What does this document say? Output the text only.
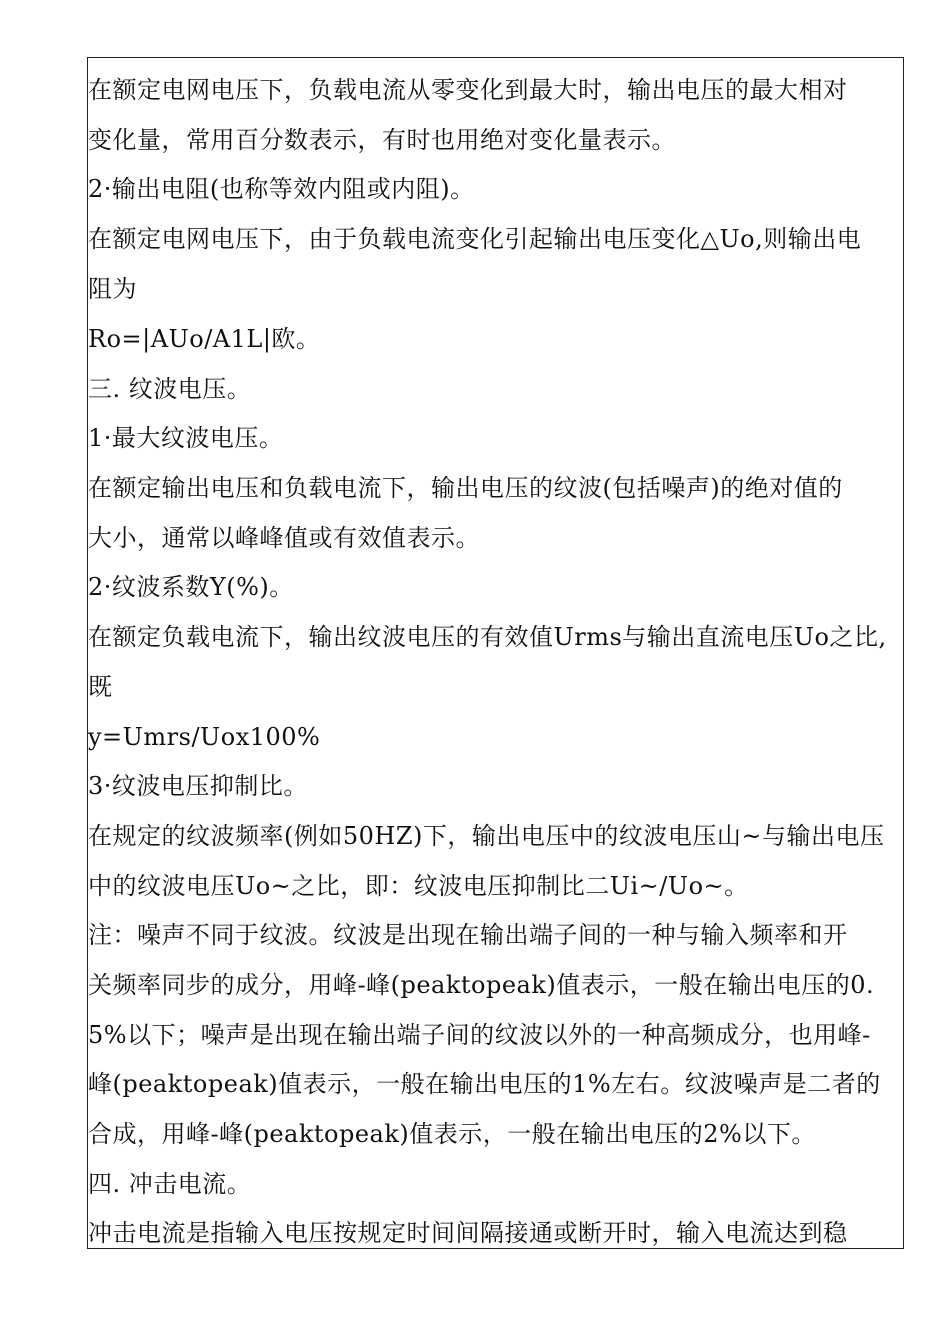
在额定电网电压下，负载电流从零变化到最大时，输出电压的最大相对
变化量，常用百分数表示，有时也用绝对变化量表示。
2·输出电阻(也称等效内阻或内阻)。
在额定电网电压下，由于负载电流变化引起输出电压变化△Uo,则输出电
阻为
Ro=|AUo/A1L|欧。
三. 纹波电压。
1·最大纹波电压。
在额定输出电压和负载电流下，输出电压的纹波(包括噪声)的绝对值的
大小，通常以峰峰值或有效值表示。
2·纹波系数Y(%)。
在额定负载电流下，输出纹波电压的有效值Urms与输出直流电压Uo之比,
既
y=Umrs/Uox100%
3·纹波电压抑制比。
在规定的纹波频率(例如50HZ)下，输出电压中的纹波电压山~与输出电压
中的纹波电压Uo~之比，即：纹波电压抑制比二Ui~/Uo~。
注：噪声不同于纹波。纹波是出现在输出端子间的一种与输入频率和开
关频率同步的成分，用峰-峰(peaktopeak)值表示，一般在输出电压的0.
5%以下；噪声是出现在输出端子间的纹波以外的一种高频成分，也用峰-
峰(peaktopeak)值表示，一般在输出电压的1%左右。纹波噪声是二者的
合成，用峰-峰(peaktopeak)值表示，一般在输出电压的2%以下。
四. 冲击电流。
冲击电流是指输入电压按规定时间间隔接通或断开时，输入电流达到稳
